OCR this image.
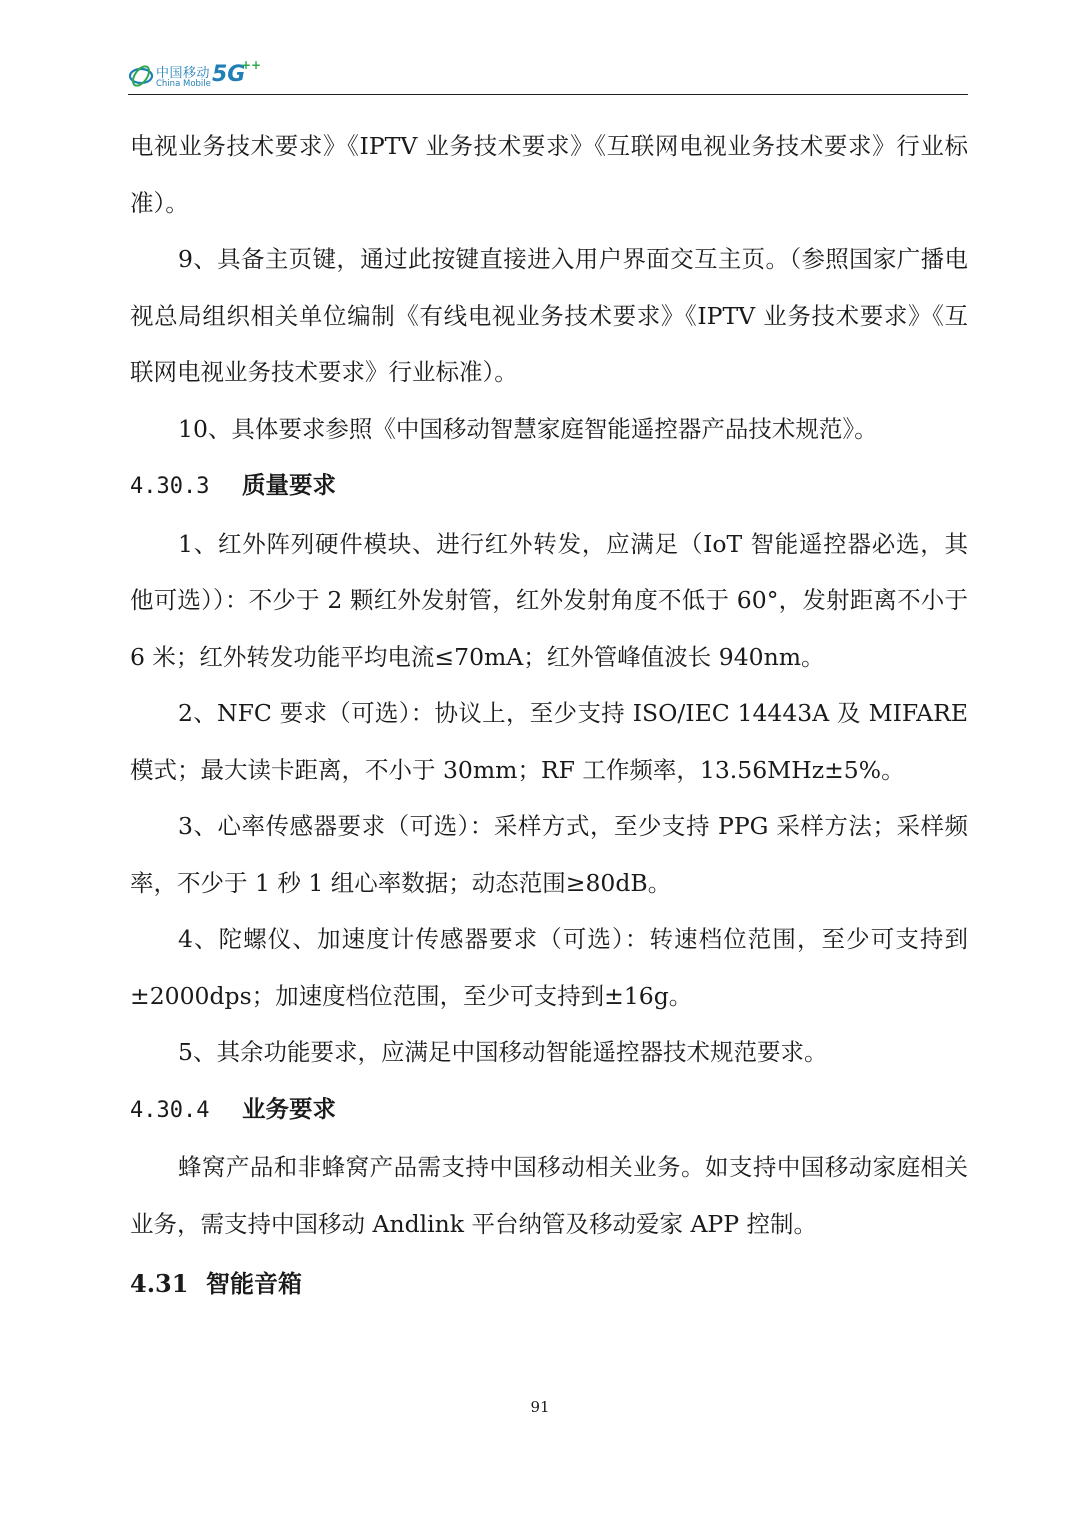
中国移动
China Mobile 5G
++

电视业务技术要求》《IPTV 业务技术要求》《互联网电视业务技术要求》行业标准）。

9、具备主页键，通过此按键直接进入用户界面交互主页。（参照国家广播电视总局组织相关单位编制《有线电视业务技术要求》《IPTV 业务技术要求》《互联网电视业务技术要求》行业标准）。

10、具体要求参照《中国移动智慧家庭智能遥控器产品技术规范》。

4.30.3 质量要求

1、红外阵列硬件模块、进行红外转发，应满足（IoT 智能遥控器必选，其他可选））：不少于 2 颗红外发射管，红外发射角度不低于 60°，发射距离不小于 6 米；红外转发功能平均电流≤70mA；红外管峰值波长 940nm。

2、NFC 要求（可选）：协议上，至少支持 ISO/IEC 14443A 及 MIFARE 模式；最大读卡距离，不小于 30mm；RF 工作频率，13.56MHz±5%。

3、心率传感器要求（可选）：采样方式，至少支持 PPG 采样方法；采样频率，不少于 1 秒 1 组心率数据；动态范围≥80dB。

4、陀螺仪、加速度计传感器要求（可选）：转速档位范围，至少可支持到±2000dps；加速度档位范围，至少可支持到±16g。

5、其余功能要求，应满足中国移动智能遥控器技术规范要求。

4.30.4 业务要求

蜂窝产品和非蜂窝产品需支持中国移动相关业务。如支持中国移动家庭相关业务，需支持中国移动 Andlink 平台纳管及移动爱家 APP 控制。

4.31 智能音箱
91
